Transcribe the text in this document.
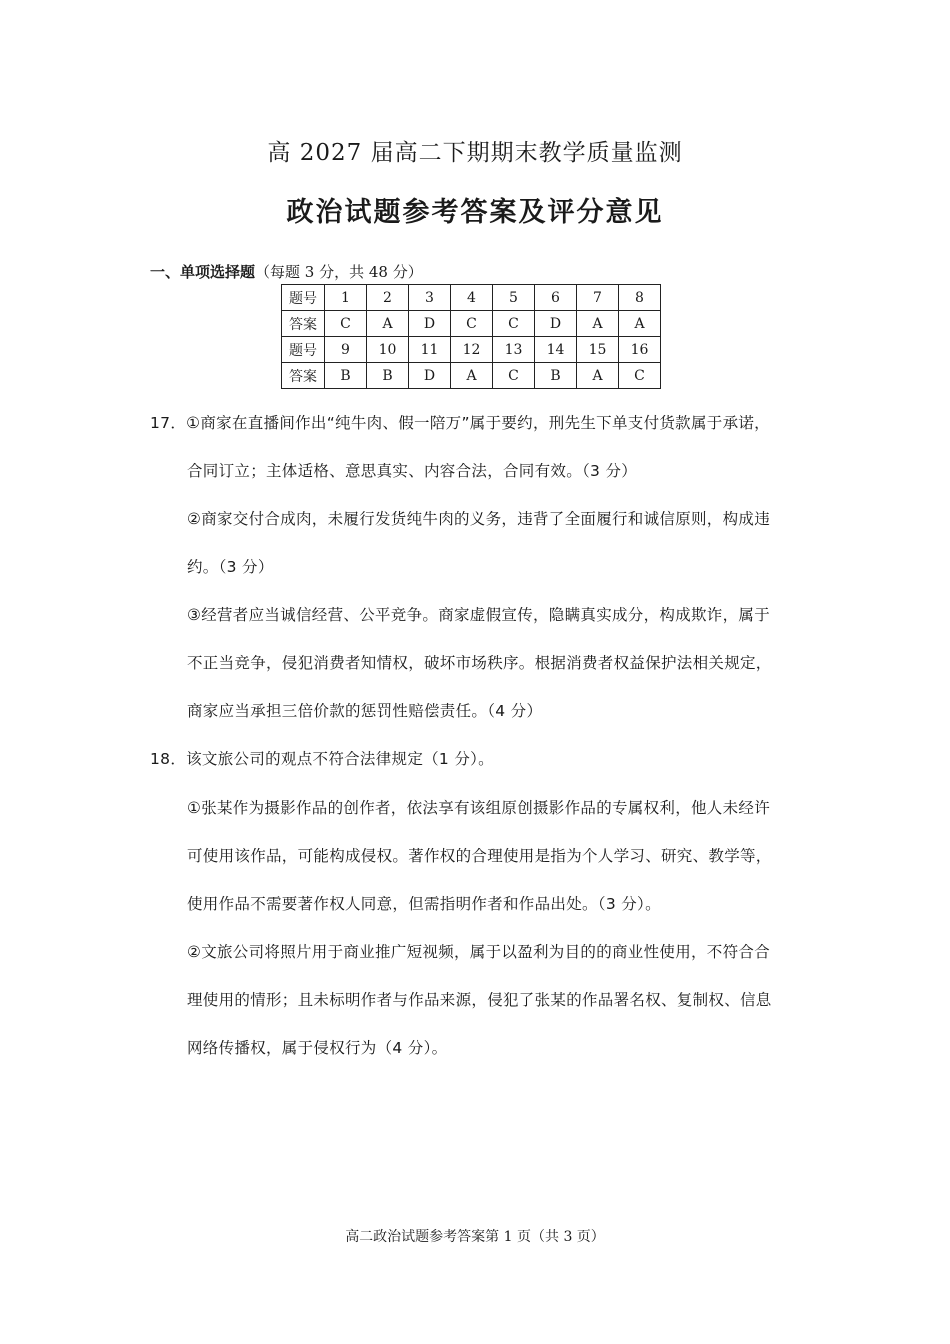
高 2027 届高二下期期末教学质量监测
政治试题参考答案及评分意见
一、单项选择题（每题 3 分，共 48 分）
题号	1	2	3	4	5	6	7	8
答案	C	A	D	C	C	D	A	A
题号	9	10	11	12	13	14	15	16
答案	B	B	D	A	C	B	A	C
17．①商家在直播间作出“纯牛肉、假一陪万”属于要约，刑先生下单支付货款属于承诺，
合同订立；主体适格、意思真实、内容合法，合同有效。（3 分）
②商家交付合成肉，未履行发货纯牛肉的义务，违背了全面履行和诚信原则，构成违
约。（3 分）
③经营者应当诚信经营、公平竞争。商家虚假宣传，隐瞒真实成分，构成欺诈，属于
不正当竞争，侵犯消费者知情权，破坏市场秩序。根据消费者权益保护法相关规定，
商家应当承担三倍价款的惩罚性赔偿责任。（4 分）
18．该文旅公司的观点不符合法律规定（1 分）。
①张某作为摄影作品的创作者，依法享有该组原创摄影作品的专属权利，他人未经许
可使用该作品，可能构成侵权。著作权的合理使用是指为个人学习、研究、教学等，
使用作品不需要著作权人同意，但需指明作者和作品出处。（3 分）。
②文旅公司将照片用于商业推广短视频，属于以盈利为目的的商业性使用，不符合合
理使用的情形；且未标明作者与作品来源，侵犯了张某的作品署名权、复制权、信息
网络传播权，属于侵权行为（4 分）。
高二政治试题参考答案第 1 页（共 3 页）
